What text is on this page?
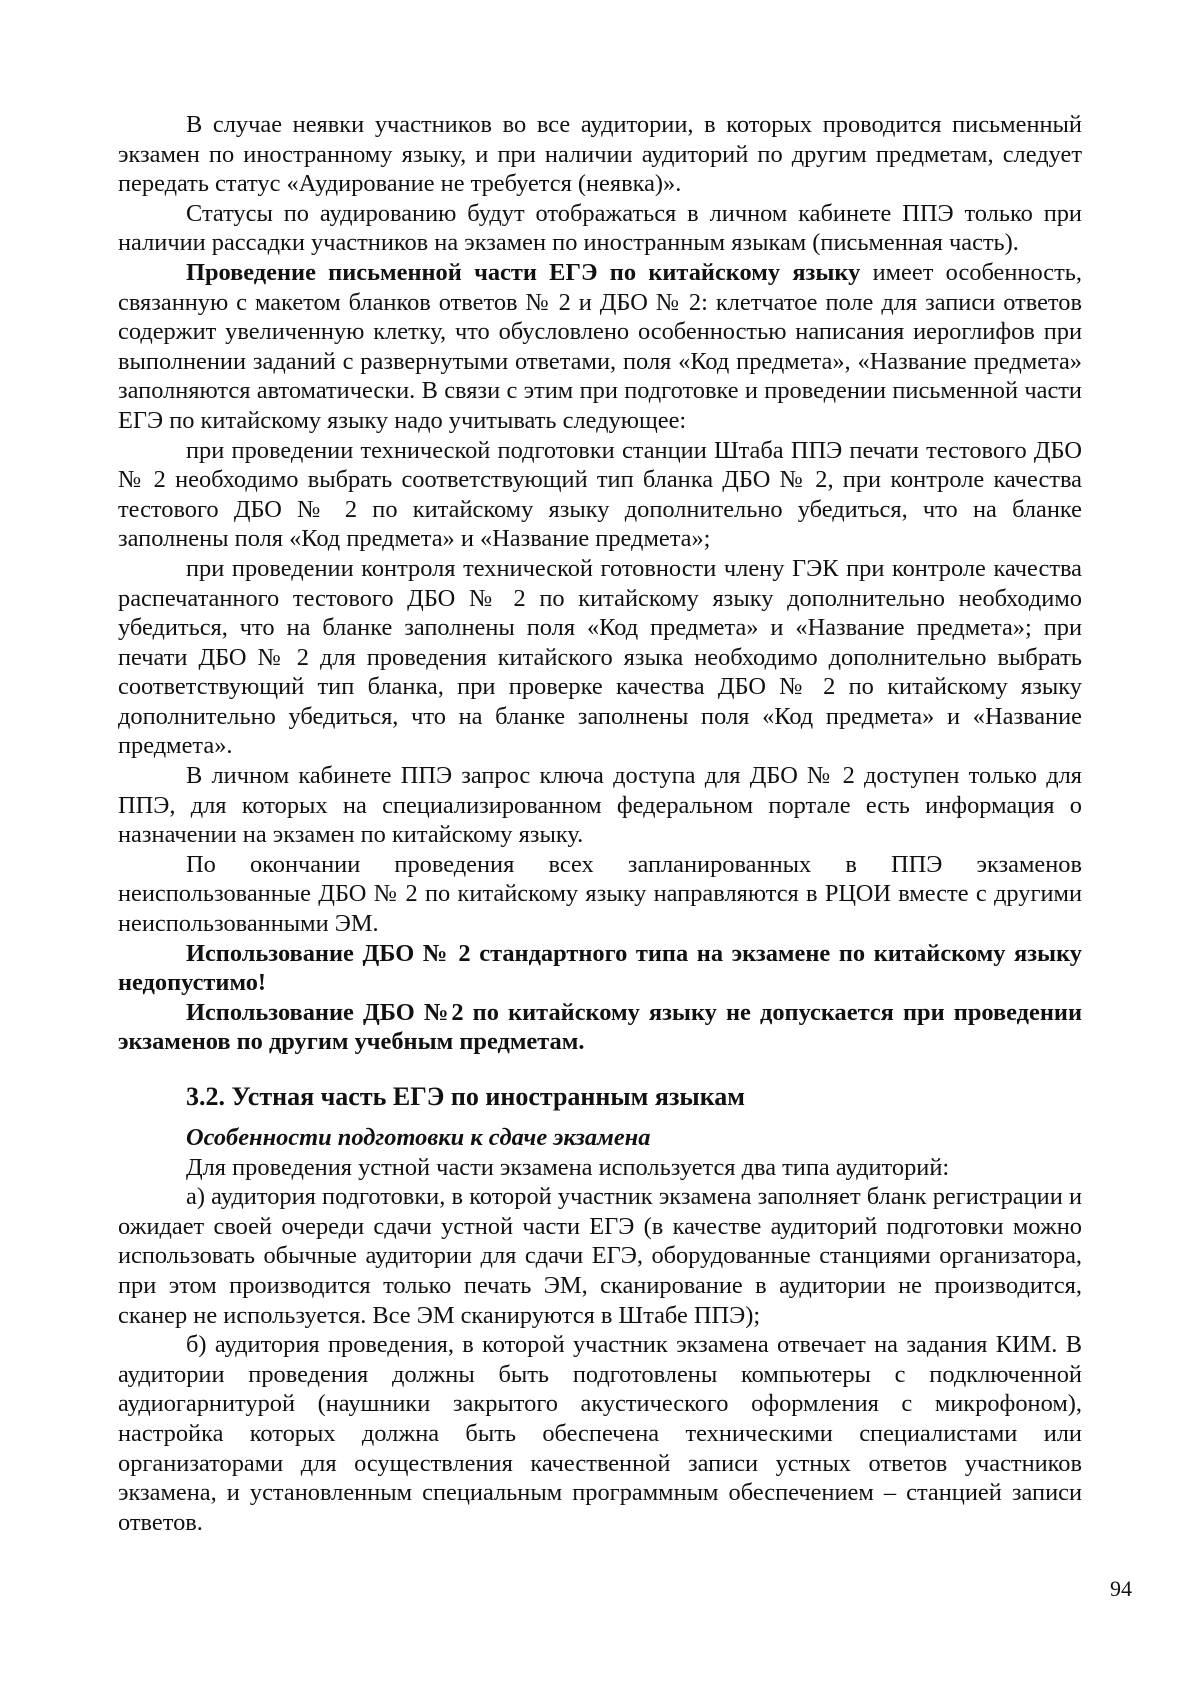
В случае неявки участников во все аудитории, в которых проводится письменный экзамен по иностранному языку, и при наличии аудиторий по другим предметам, следует передать статус «Аудирование не требуется (неявка)».

Статусы по аудированию будут отображаться в личном кабинете ППЭ только при наличии рассадки участников на экзамен по иностранным языкам (письменная часть).

Проведение письменной части ЕГЭ по китайскому языку имеет особенность, связанную с макетом бланков ответов № 2 и ДБО № 2: клетчатое поле для записи ответов содержит увеличенную клетку, что обусловлено особенностью написания иероглифов при выполнении заданий с развернутыми ответами, поля «Код предмета», «Название предмета» заполняются автоматически. В связи с этим при подготовке и проведении письменной части ЕГЭ по китайскому языку надо учитывать следующее:

при проведении технической подготовки станции Штаба ППЭ печати тестового ДБО № 2 необходимо выбрать соответствующий тип бланка ДБО № 2, при контроле качества тестового ДБО № 2 по китайскому языку дополнительно убедиться, что на бланке заполнены поля «Код предмета» и «Название предмета»;

при проведении контроля технической готовности члену ГЭК при контроле качества распечатанного тестового ДБО № 2 по китайскому языку дополнительно необходимо убедиться, что на бланке заполнены поля «Код предмета» и «Название предмета»; при печати ДБО № 2 для проведения китайского языка необходимо дополнительно выбрать соответствующий тип бланка, при проверке качества ДБО № 2 по китайскому языку дополнительно убедиться, что на бланке заполнены поля «Код предмета» и «Название предмета».

В личном кабинете ППЭ запрос ключа доступа для ДБО № 2 доступен только для ППЭ, для которых на специализированном федеральном портале есть информация о назначении на экзамен по китайскому языку.

По окончании проведения всех запланированных в ППЭ экзаменов неиспользованные ДБО № 2 по китайскому языку направляются в РЦОИ вместе с другими неиспользованными ЭМ.

Использование ДБО № 2 стандартного типа на экзамене по китайскому языку недопустимо!

Использование ДБО №2 по китайскому языку не допускается при проведении экзаменов по другим учебным предметам.

3.2. Устная часть ЕГЭ по иностранным языкам

Особенности подготовки к сдаче экзамена

Для проведения устной части экзамена используется два типа аудиторий:

а) аудитория подготовки, в которой участник экзамена заполняет бланк регистрации и ожидает своей очереди сдачи устной части ЕГЭ (в качестве аудиторий подготовки можно использовать обычные аудитории для сдачи ЕГЭ, оборудованные станциями организатора, при этом производится только печать ЭМ, сканирование в аудитории не производится, сканер не используется. Все ЭМ сканируются в Штабе ППЭ);

б) аудитория проведения, в которой участник экзамена отвечает на задания КИМ. В аудитории проведения должны быть подготовлены компьютеры с подключенной аудиогарнитурой (наушники закрытого акустического оформления с микрофоном), настройка которых должна быть обеспечена техническими специалистами или организаторами для осуществления качественной записи устных ответов участников экзамена, и установленным специальным программным обеспечением – станцией записи ответов.

94
